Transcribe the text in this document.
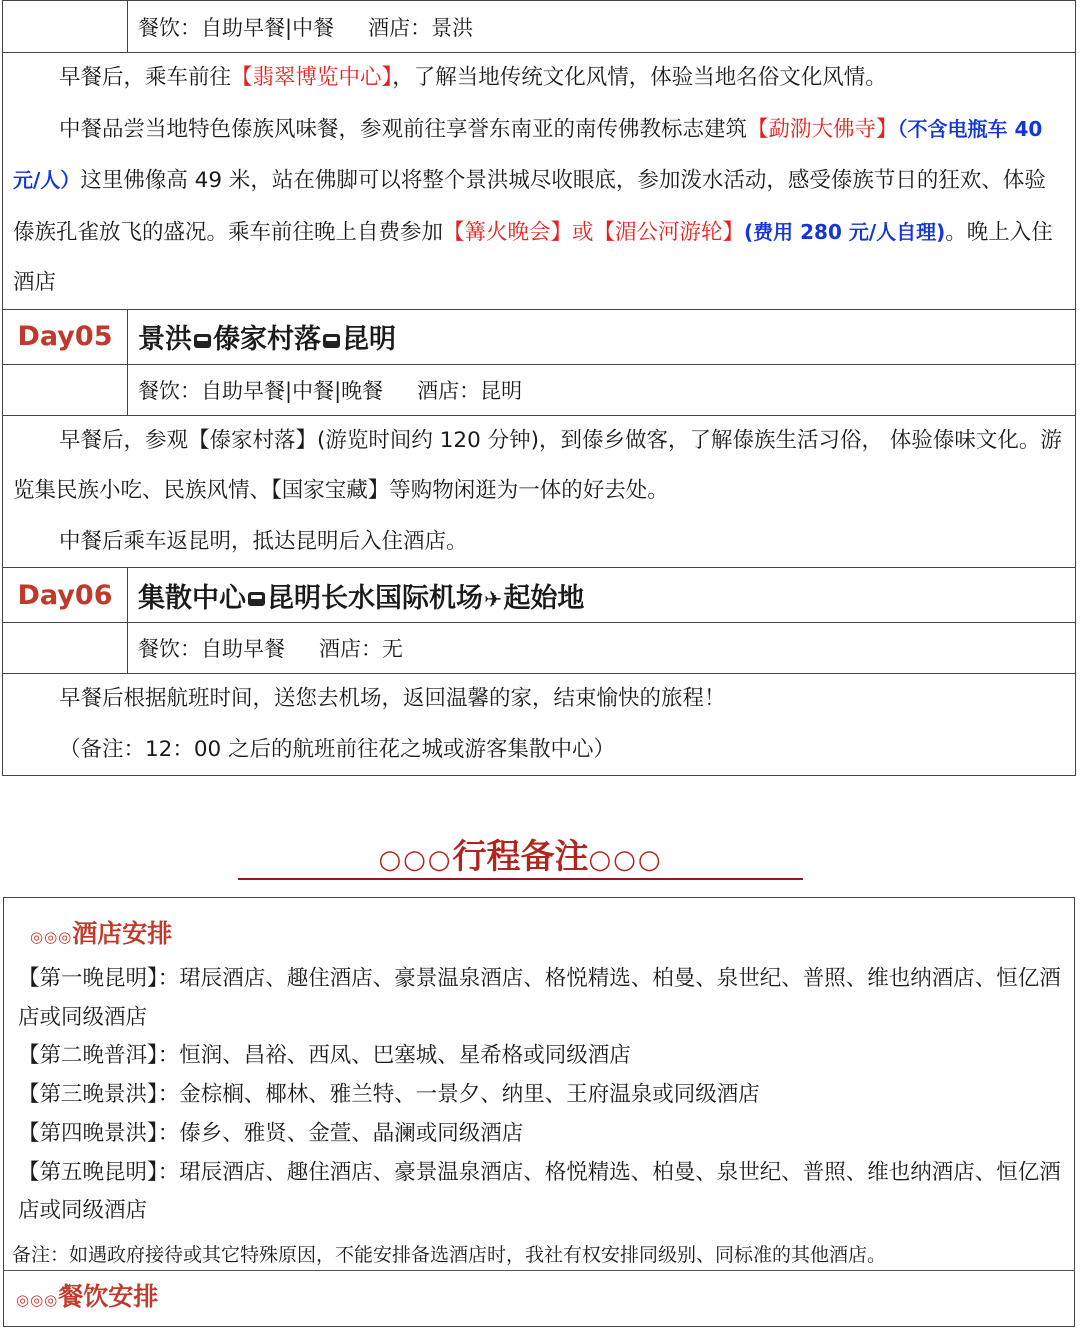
	餐饮：自助早餐|中餐 酒店：景洪

早餐后，乘车前往【翡翠博览中心】，了解当地传统文化风情，体验当地名俗文化风情。

中餐品尝当地特色傣族风味餐，参观前往享誉东南亚的南传佛教标志建筑【勐泐大佛寺】（不含电瓶车 40 元/人）这里佛像高 49 米，站在佛脚可以将整个景洪城尽收眼底，参加泼水活动，感受傣族节日的狂欢、体验傣族孔雀放飞的盛况。乘车前往晚上自费参加【篝火晚会】或【湄公河游轮】(费用 280 元/人自理)。晚上入住酒店	

Day05	景洪 傣家村落 昆明
	餐饮：自助早餐|中餐|晚餐 酒店：昆明

早餐后，参观【傣家村落】(游览时间约 120 分钟)，到傣乡做客，了解傣族生活习俗， 体验傣味文化。游览集民族小吃、民族风情、【国家宝藏】等购物闲逛为一体的好去处。

中餐后乘车返昆明，抵达昆明后入住酒店。	

Day06	集散中心 昆明长水国际机场✈起始地
	餐饮：自助早餐 酒店：无

早餐后根据航班时间，送您去机场，返回温馨的家，结束愉快的旅程！

（备注：12：00 之后的航班前往花之城或游客集散中心）	

○○○行程备注○○○
◎◎◎酒店安排
【第一晚昆明】：珺辰酒店、趣住酒店、豪景温泉酒店、格悦精选、柏曼、泉世纪、普照、维也纳酒店、恒亿酒店或同级酒店
【第二晚普洱】：恒润、昌裕、西凤、巴塞城、星希格或同级酒店
【第三晚景洪】：金棕榈、椰林、雅兰特、一景夕、纳里、王府温泉或同级酒店
【第四晚景洪】：傣乡、雅贤、金萱、晶澜或同级酒店
【第五晚昆明】：珺辰酒店、趣住酒店、豪景温泉酒店、格悦精选、柏曼、泉世纪、普照、维也纳酒店、恒亿酒店或同级酒店
备注：如遇政府接待或其它特殊原因，不能安排备选酒店时，我社有权安排同级别、同标准的其他酒店。
◎◎◎餐饮安排
